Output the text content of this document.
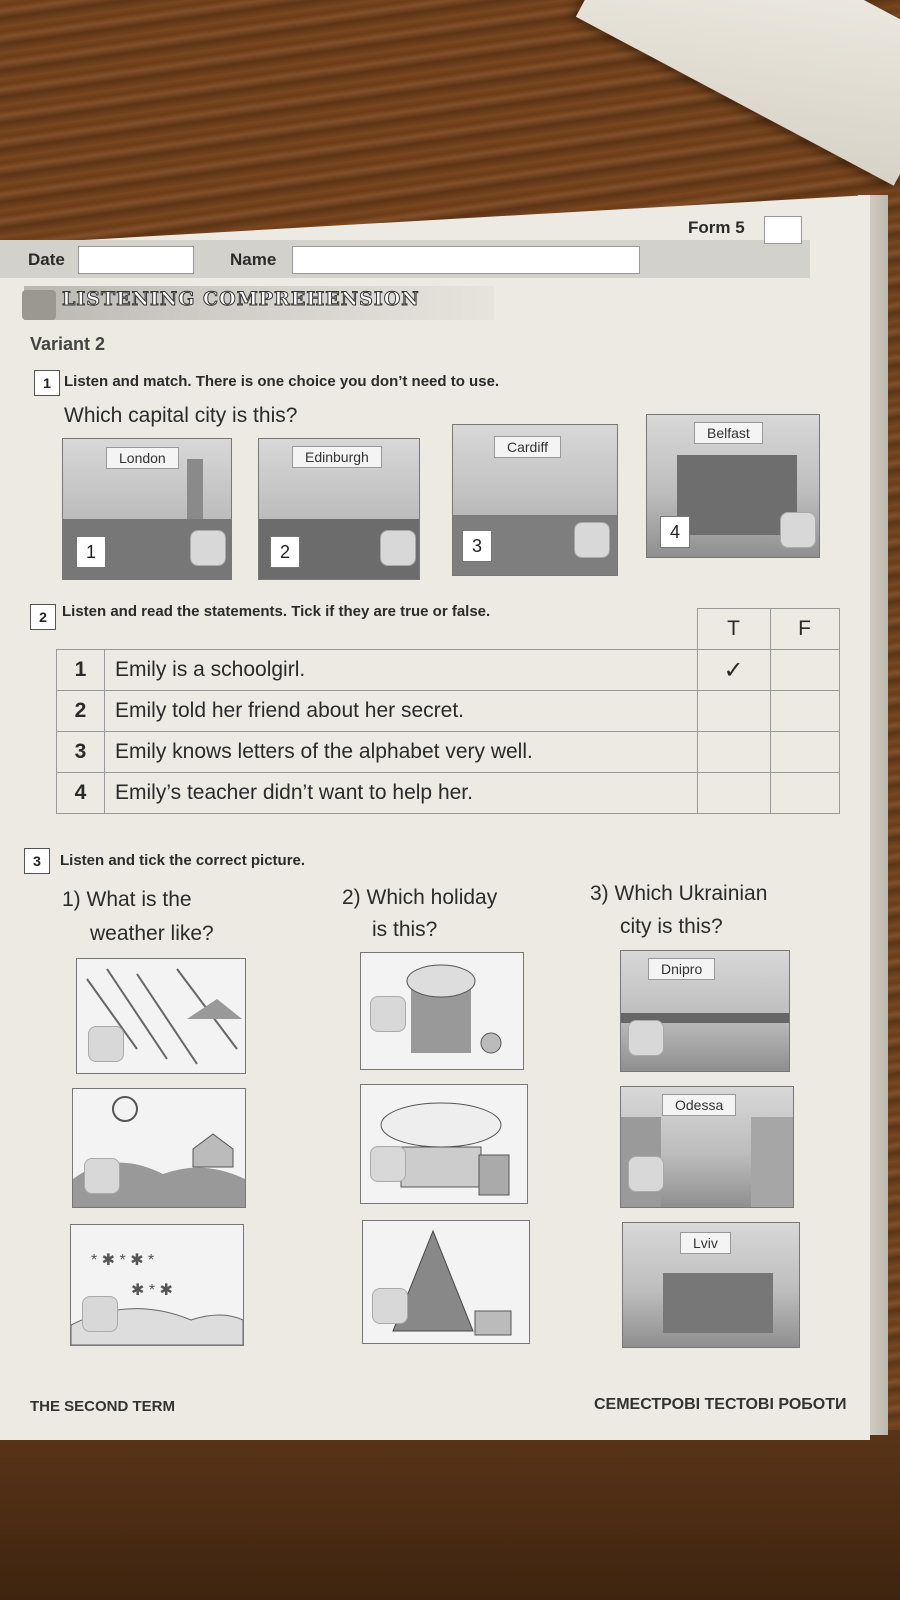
Date	Name
Form 5
LISTENING COMPREHENSION
Variant 2
1 Listen and match. There is one choice you don’t need to use.
Which capital city is this?
London
1
Edinburgh
2
Cardiff
3
Belfast
4
2	Listen and read the statements. Tick if they are true or false.
		T	F
1	Emily is a schoolgirl.	✓	
2	Emily told her friend about her secret.		
3	Emily knows letters of the alphabet very well.		
4	Emily’s teacher didn’t want to help her.		
3	Listen and tick the correct picture.
1) What is the
weather like?
2) Which holiday
is this?
3) Which Ukrainian
city is this?
* ✱ * ✱ *
✱ * ✱
Dnipro
Odessa
Lviv
THE SECOND TERM	СЕМЕСТРОВІ ТЕСТОВІ РОБОТИ
